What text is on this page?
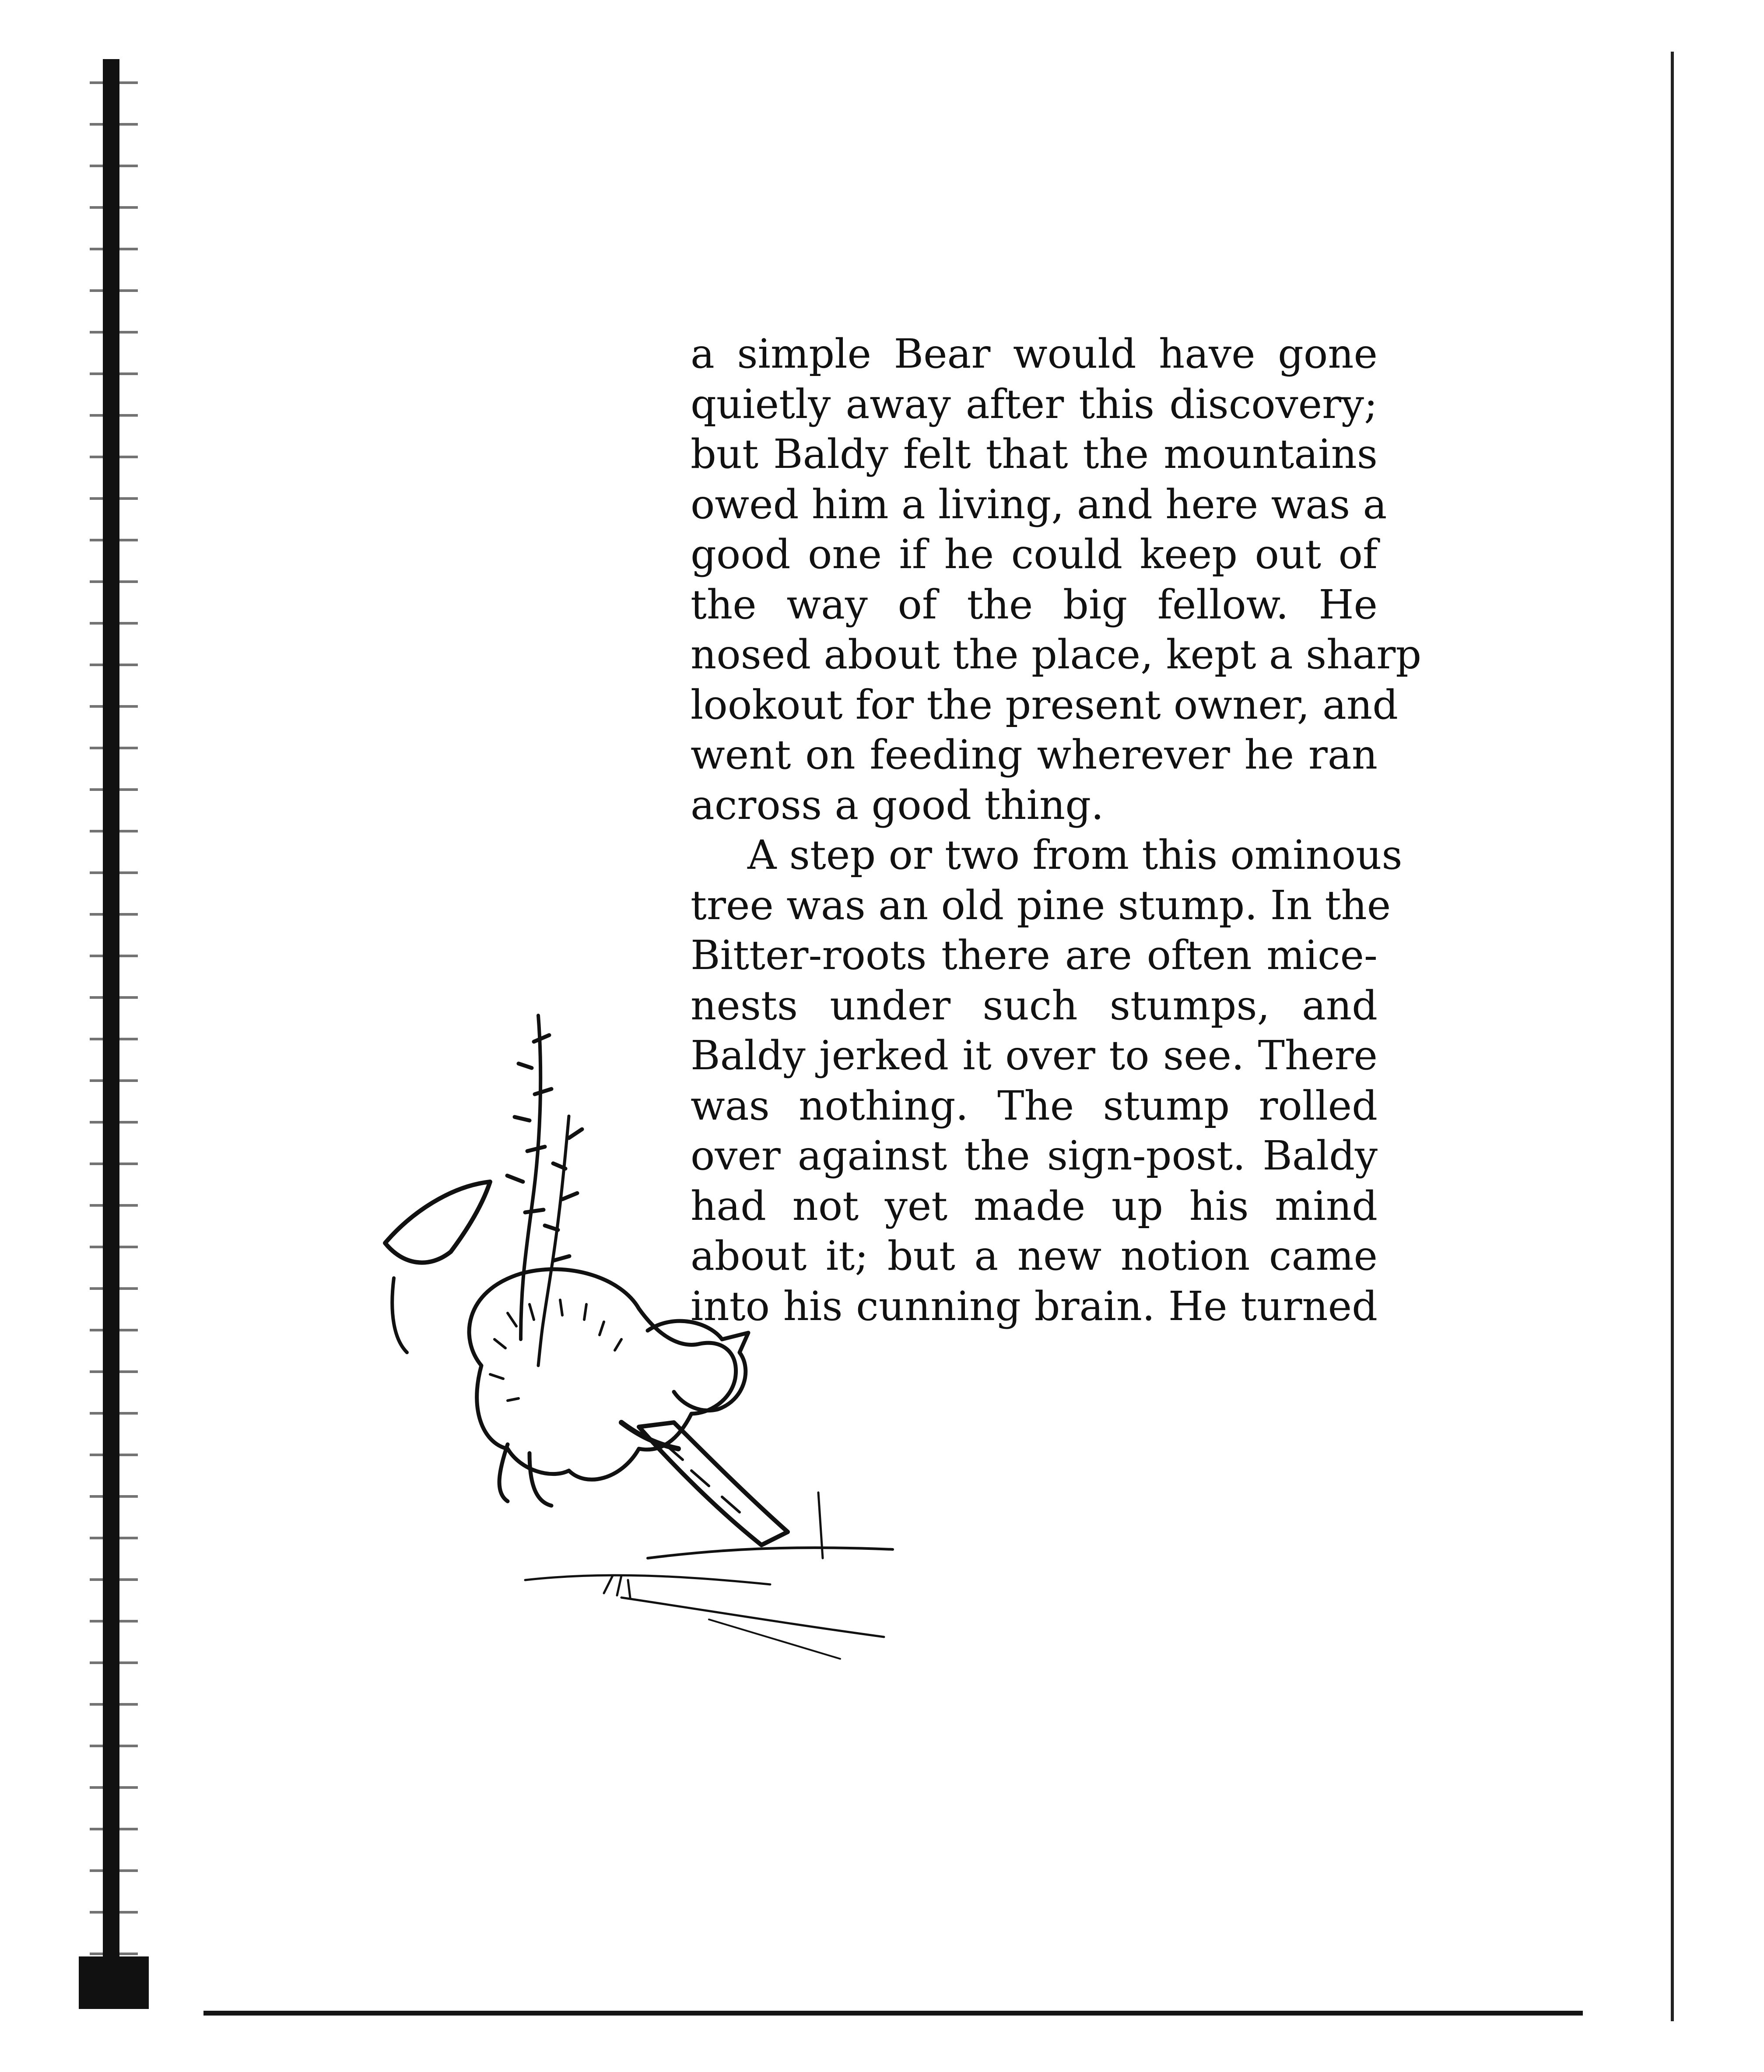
a simple Bear would have gone
quietly away after this discovery;
but Baldy felt that the mountains
owed him a living, and here was a
good one if he could keep out of
the way of the big fellow. He
nosed about the place, kept a sharp
lookout for the present owner, and
went on feeding wherever he ran
across a good thing.
A step or two from this ominous
tree was an old pine stump. In the
Bitter-roots there are often mice-
nests under such stumps, and
Baldy jerked it over to see. There
was nothing. The stump rolled
over against the sign-post. Baldy
had not yet made up his mind
about it; but a new notion came
into his cunning brain. He turned
